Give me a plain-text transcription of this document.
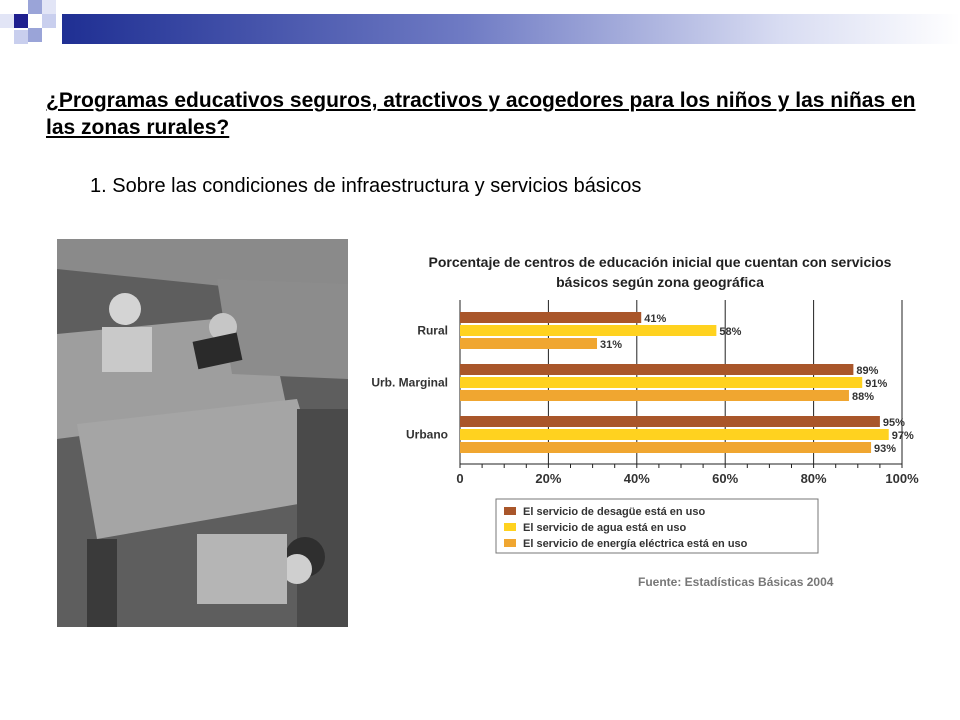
¿Programas educativos seguros, atractivos y acogedores para los niños y las niñas en las zonas rurales?
1. Sobre las condiciones de infraestructura y servicios básicos
Porcentaje de centros de educación inicial que cuentan con servicios básicos según zona geográfica
0	20%	40%	60%	80%	100%
Rural
41%
58%
31%
Urb. Marginal
89%
91%
88%
Urbano
95%
97%
93%
El servicio de desagüe está en uso
El servicio de agua está en uso
El servicio de energía eléctrica está en uso
Fuente: Estadísticas Básicas 2004
